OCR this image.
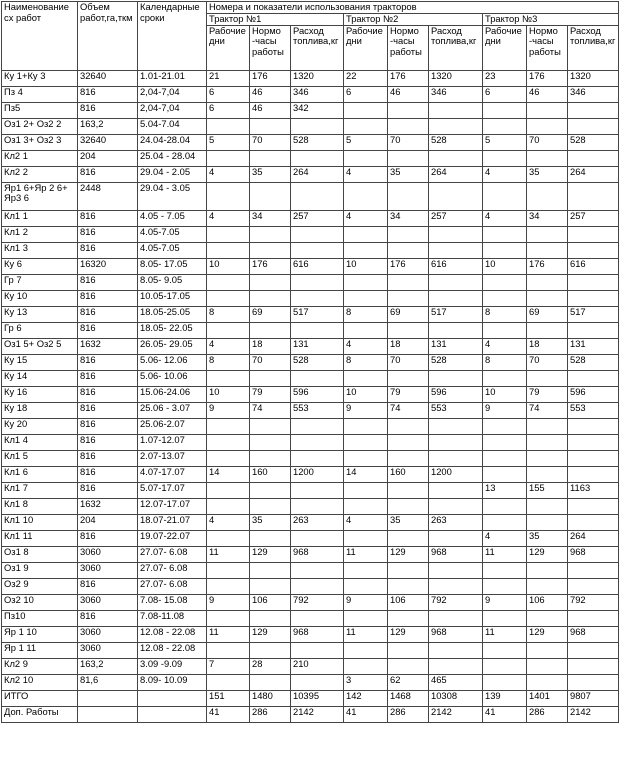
Наименование сх работ	Объем работ,га,ткм	Календарные сроки	Номера и показатели использования тракторов								
			Трактор №1			Трактор №2			Трактор №3		
			Рабочие дни	Нормо -часы работы	Расход топлива,кг	Рабочие дни	Нормо -часы работы	Расход топлива,кг	Рабочие дни	Нормо -часы работы	Расход топлива,кг
Ку 1+Ку 3	32640	1.01-21.01	21	176	1320	22	176	1320	23	176	1320
Пз 4	816	2,04-7,04	6	46	346	6	46	346	6	46	346
Пз5	816	2,04-7,04	6	46	342						
Оз1 2+ Оз2 2	163,2	5.04-7.04									
Оз1 3+ Оз2 3	32640	24.04-28.04	5	70	528	5	70	528	5	70	528
Кл2 1	204	25.04 - 28.04									
Кл2 2	816	29.04 - 2.05	4	35	264	4	35	264	4	35	264
Яр1 6+Яр 2 6+ Яр3 6	2448	29.04 - 3.05									
Кл1 1	816	4.05 - 7.05	4	34	257	4	34	257	4	34	257
Кл1 2	816	4.05-7.05									
Кл1 3	816	4.05-7.05									
Ку 6	16320	8.05- 17.05	10	176	616	10	176	616	10	176	616
Гр 7	816	8.05- 9.05									
Ку 10	816	10.05-17.05									
Ку 13	816	18.05-25.05	8	69	517	8	69	517	8	69	517
Гр 6	816	18.05- 22.05									
Оз1 5+ Оз2 5	1632	26.05- 29.05	4	18	131	4	18	131	4	18	131
Ку 15	816	5.06- 12.06	8	70	528	8	70	528	8	70	528
Ку 14	816	5.06- 10.06									
Ку 16	816	15.06-24.06	10	79	596	10	79	596	10	79	596
Ку 18	816	25.06 - 3.07	9	74	553	9	74	553	9	74	553
Ку 20	816	25.06-2.07									
Кл1 4	816	1.07-12.07									
Кл1 5	816	2.07-13.07									
Кл1 6	816	4.07-17.07	14	160	1200	14	160	1200			
Кл1 7	816	5.07-17.07							13	155	1163
Кл1 8	1632	12.07-17.07									
Кл1 10	204	18.07-21.07	4	35	263	4	35	263			
Кл1 11	816	19.07-22.07							4	35	264
Оз1 8	3060	27.07- 6.08	11	129	968	11	129	968	11	129	968
Оз1 9	3060	27.07- 6.08									
Оз2 9	816	27.07- 6.08									
Оз2 10	3060	7.08- 15.08	9	106	792	9	106	792	9	106	792
Пз10	816	7.08-11.08									
Яр 1 10	3060	12.08 - 22.08	11	129	968	11	129	968	11	129	968
Яр 1 11	3060	12.08 - 22.08									
Кл2 9	163,2	3.09 -9.09	7	28	210						
Кл2 10	81,6	8.09- 10.09				3	62	465			
ИТГО			151	1480	10395	142	1468	10308	139	1401	9807
Доп. Работы			41	286	2142	41	286	2142	41	286	2142
